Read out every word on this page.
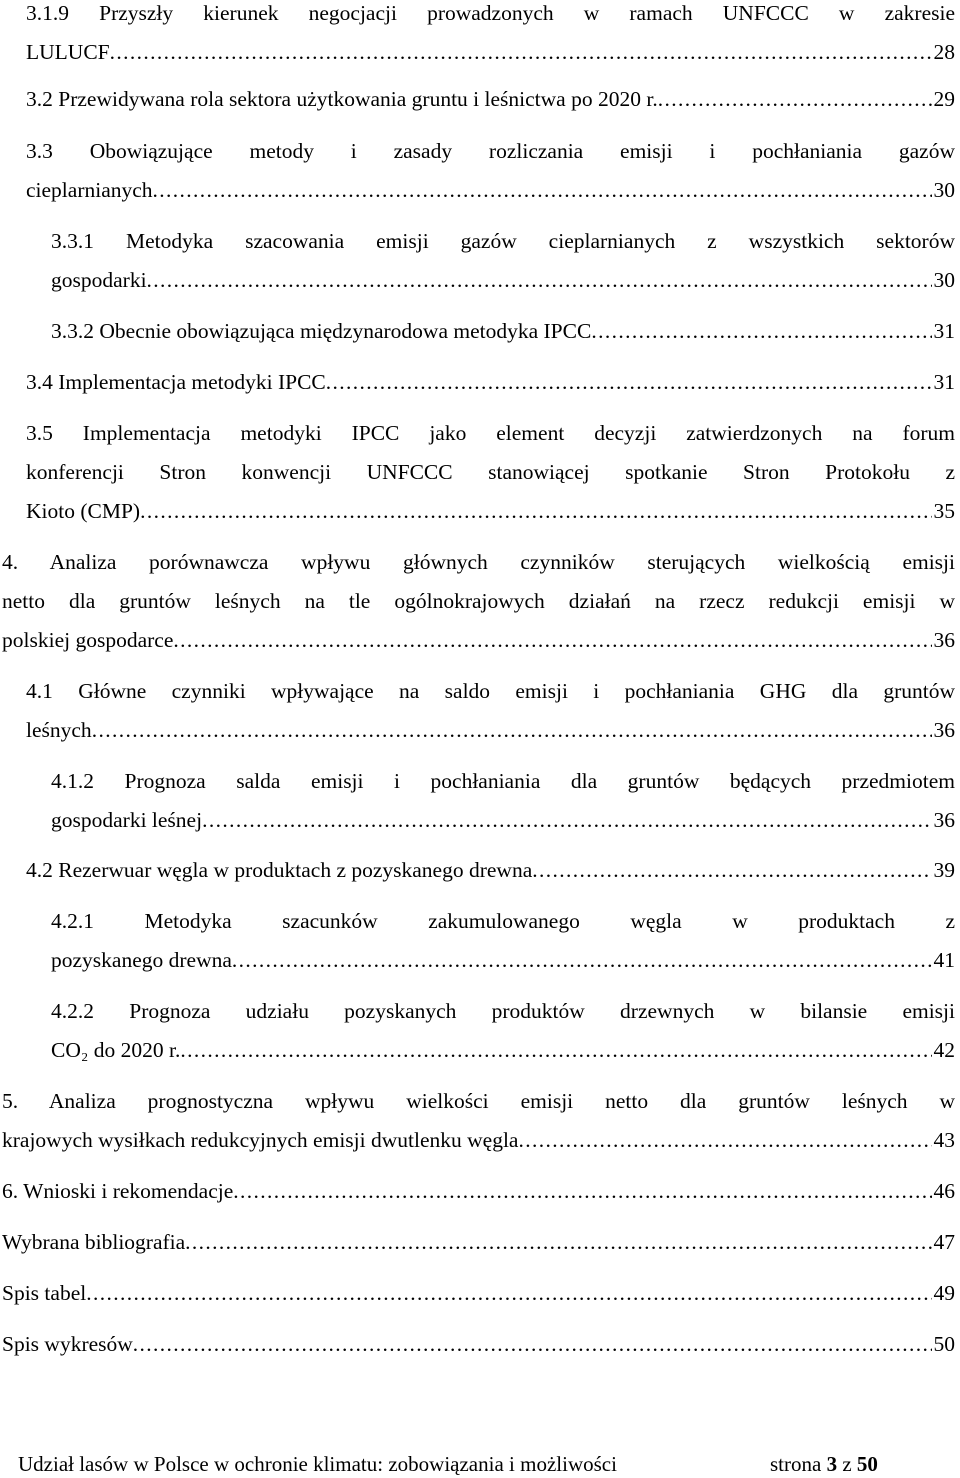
3.1.9 Przyszły kierunek negocjacji prowadzonych w ramach UNFCCC w zakresie
LULUCF . . .	28
3.2 Przewidywana rola sektora użytkowania gruntu i leśnictwa po 2020 r. . . .	29
3.3 Obowiązujące metody i zasady rozliczania emisji i pochłaniania gazów
cieplarnianych . . .	30
3.3.1 Metodyka szacowania emisji gazów cieplarnianych z wszystkich sektorów
gospodarki . . .	30
3.3.2 Obecnie obowiązująca międzynarodowa metodyka IPCC . . .	31
3.4 Implementacja metodyki IPCC . . .	31
3.5 Implementacja metodyki IPCC jako element decyzji zatwierdzonych na forum
konferencji Stron konwencji UNFCCC stanowiącej spotkanie Stron Protokołu z
Kioto (CMP) . . .	35
4. Analiza porównawcza wpływu głównych czynników sterujących wielkością emisji
netto dla gruntów leśnych na tle ogólnokrajowych działań na rzecz redukcji emisji w
polskiej gospodarce . . .	36
4.1 Główne czynniki wpływające na saldo emisji i pochłaniania GHG dla gruntów
leśnych . . .	36
4.1.2 Prognoza salda emisji i pochłaniania dla gruntów będących przedmiotem
gospodarki leśnej . . .	36
4.2 Rezerwuar węgla w produktach z pozyskanego drewna . . .	39
4.2.1 Metodyka szacunków zakumulowanego węgla w produktach z
pozyskanego drewna . . .	41
4.2.2 Prognoza udziału pozyskanych produktów drzewnych w bilansie emisji
CO₂ do 2020 r. . . .	42
5. Analiza prognostyczna wpływu wielkości emisji netto dla gruntów leśnych w
krajowych wysiłkach redukcyjnych emisji dwutlenku węgla . . .	43
6. Wnioski i rekomendacje . . .	46
Wybrana bibliografia . . .	47
Spis tabel . . .	49
Spis wykresów . . .	50
Udział lasów w Polsce w ochronie klimatu: zobowiązania i możliwości	strona 3 z 50
